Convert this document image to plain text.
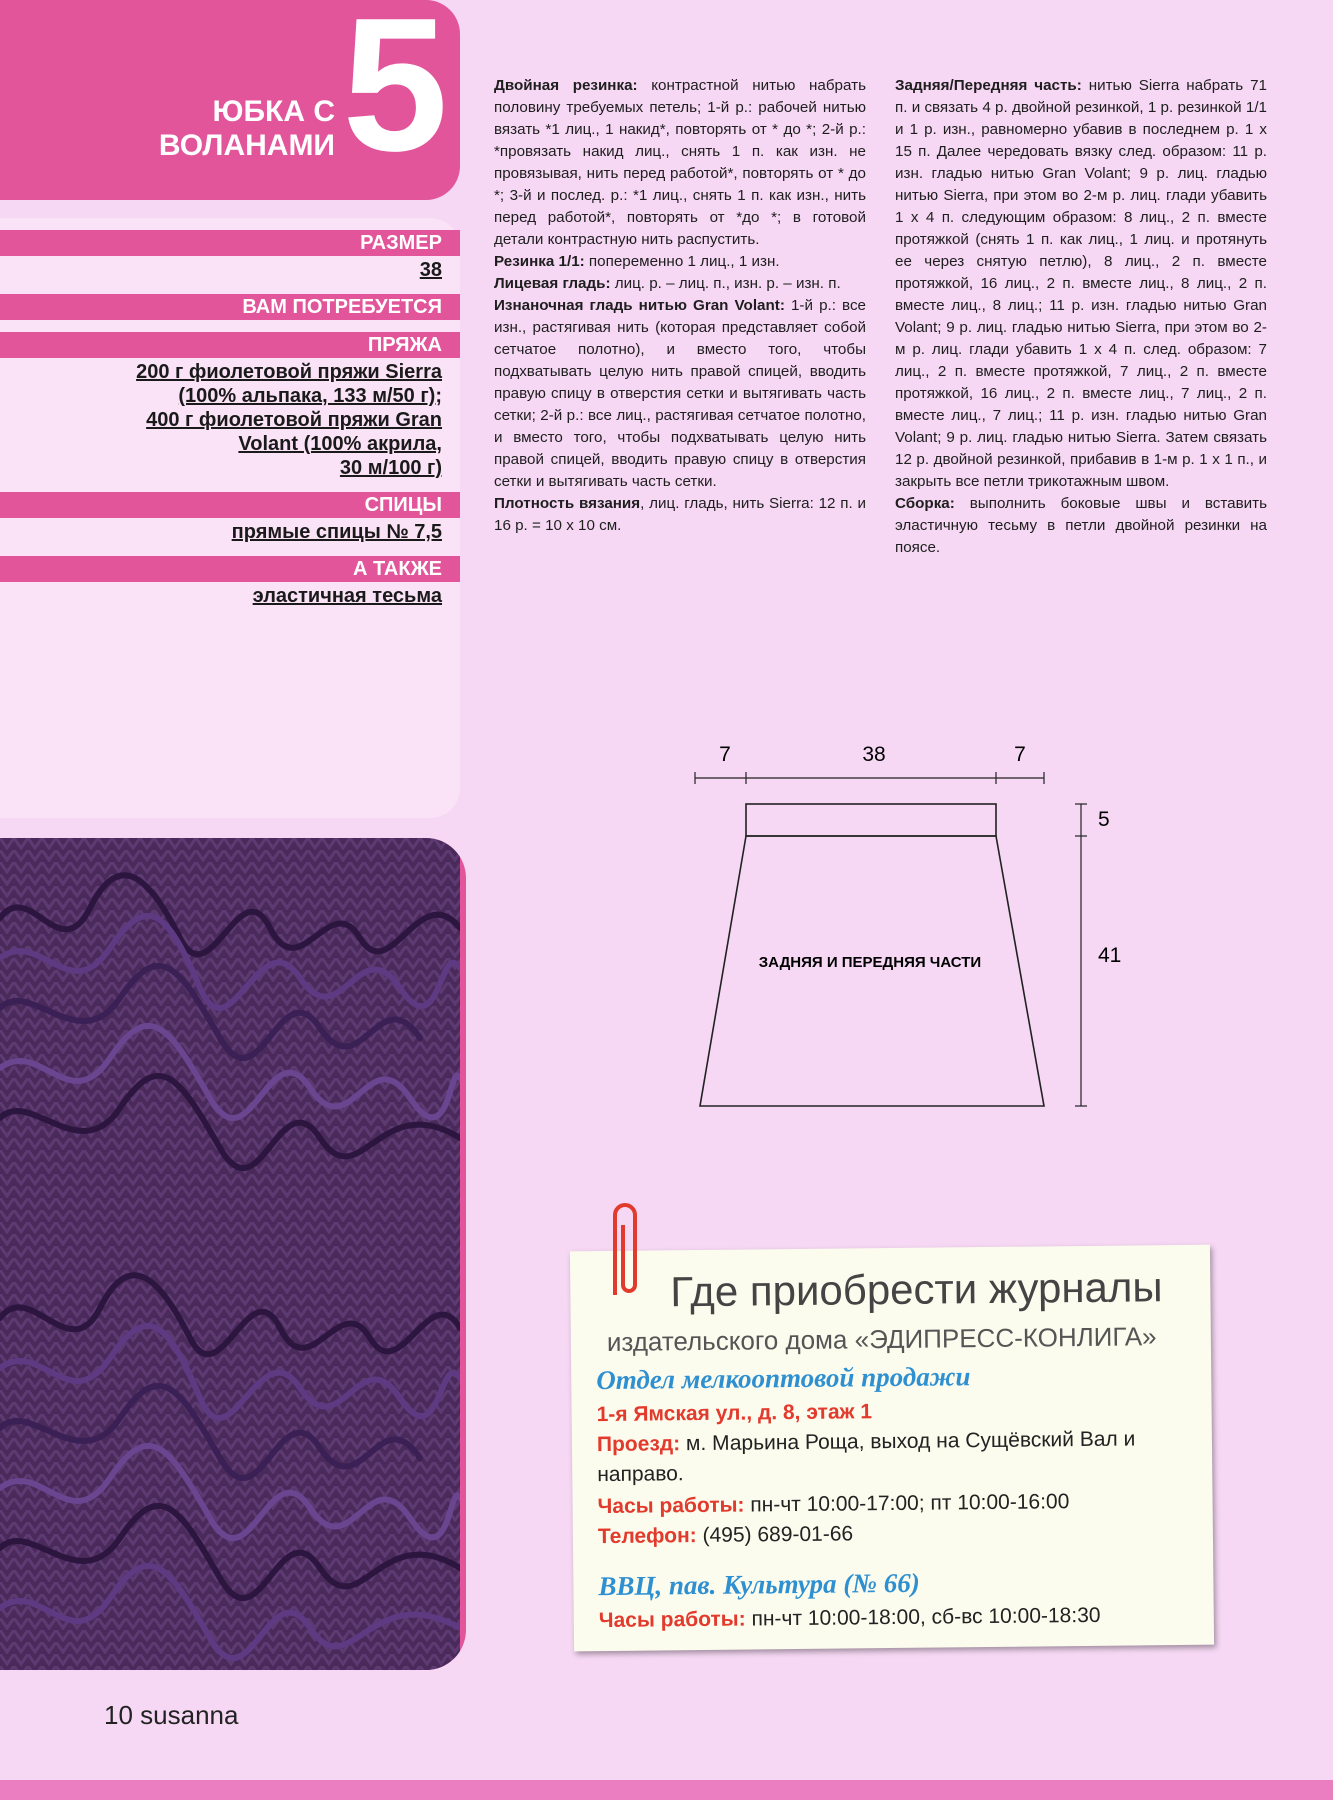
ЮБКА С
ВОЛАНАМИ 5
РАЗМЕР
38
ВАМ ПОТРЕБУЕТСЯ
ПРЯЖА
200 г фиолетовой пряжи Sierra
(100% альпака, 133 м/50 г);
400 г фиолетовой пряжи Gran
Volant (100% акрила,
30 м/100 г)
СПИЦЫ
прямые спицы № 7,5
А ТАКЖЕ
эластичная тесьма

Двойная резинка: контрастной нитью набрать половину требуемых петель; 1-й р.: рабочей нитью вязать *1 лиц., 1 накид*, повторять от * до *; 2-й р.: *провязать накид лиц., снять 1 п. как изн. не провязывая, нить перед работой*, повторять от * до *; 3-й и послед. р.: *1 лиц., снять 1 п. как изн., нить перед работой*, повторять от *до *; в готовой детали контрастную нить распустить.

Резинка 1/1: попеременно 1 лиц., 1 изн.

Лицевая гладь: лиц. р. – лиц. п., изн. р. – изн. п.

Изнаночная гладь нитью Gran Volant: 1-й р.: все изн., растягивая нить (которая представляет собой сетчатое полотно), и вместо того, чтобы подхватывать целую нить правой спицей, вводить правую спицу в отверстия сетки и вытягивать часть сетки; 2-й р.: все лиц., растягивая сетчатое полотно, и вместо того, чтобы подхватывать целую нить правой спицей, вводить правую спицу в отверстия сетки и вытягивать часть сетки.

Плотность вязания, лиц. гладь, нить Sierra: 12 п. и 16 р. = 10 х 10 см.

Задняя/Передняя часть: нитью Sierra набрать 71 п. и связать 4 р. двойной резинкой, 1 р. резинкой 1/1 и 1 р. изн., равномерно убавив в последнем р. 1 х 15 п. Далее чередовать вязку след. образом: 11 р. изн. гладью нитью Gran Volant; 9 р. лиц. гладью нитью Sierra, при этом во 2-м р. лиц. глади убавить 1 х 4 п. следующим образом: 8 лиц., 2 п. вместе протяжкой (снять 1 п. как лиц., 1 лиц. и протянуть ее через снятую петлю), 8 лиц., 2 п. вместе протяжкой, 16 лиц., 2 п. вместе лиц., 8 лиц., 2 п. вместе лиц., 8 лиц.; 11 р. изн. гладью нитью Gran Volant; 9 р. лиц. гладью нитью Sierra, при этом во 2-м р. лиц. глади убавить 1 х 4 п. след. образом: 7 лиц., 2 п. вместе протяжкой, 7 лиц., 2 п. вместе протяжкой, 16 лиц., 2 п. вместе лиц., 7 лиц., 2 п. вместе лиц., 7 лиц.; 11 р. изн. гладью нитью Gran Volant; 9 р. лиц. гладью нитью Sierra. Затем связать 12 р. двойной резинкой, прибавив в 1-м р. 1 х 1 п., и закрыть все петли трикотажным швом.

Сборка: выполнить боковые швы и вставить эластичную тесьму в петли двойной резинки на поясе.

7	38	7
ЗАДНЯЯ И ПЕРЕДНЯЯ ЧАСТИ
5
41
Где приобрести журналы
издательского дома «ЭДИПРЕСС-КОНЛИГА»
Отдел мелкооптовой продажи
1-я Ямская ул., д. 8, этаж 1
Проезд: м. Марьина Роща, выход на Сущёвский Вал и
направо.
Часы работы: пн-чт 10:00-17:00; пт 10:00-16:00
Телефон: (495) 689-01-66
ВВЦ, пав. Культура (№ 66)
Часы работы: пн-чт 10:00-18:00, сб-вс 10:00-18:30
10 susanna
